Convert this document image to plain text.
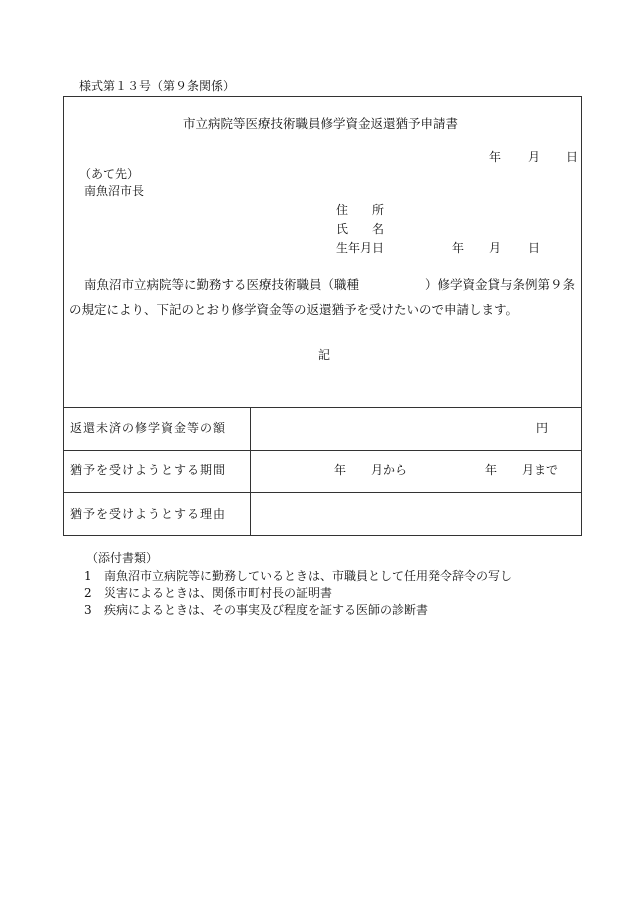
様式第１３号（第９条関係）
市立病院等医療技術職員修学資金返還猶予申請書
年 月 日
（あて先）
南魚沼市長
住　　所
氏　　名
生年月日	年 月 日
南魚沼市立病院等に勤務する医療技術職員（職種	）修学資金貸与条例第９条
の規定により、下記のとおり修学資金等の返還猶予を受けたいので申請します。
記
返還未済の修学資金等の額	円
猶予を受けようとする期間	年 月から	年 月まで
猶予を受けようとする理由
（添付書類）
1 南魚沼市立病院等に勤務しているときは、市職員として任用発令辞令の写し
2 災害によるときは、関係市町村長の証明書
3 疾病によるときは、その事実及び程度を証する医師の診断書
